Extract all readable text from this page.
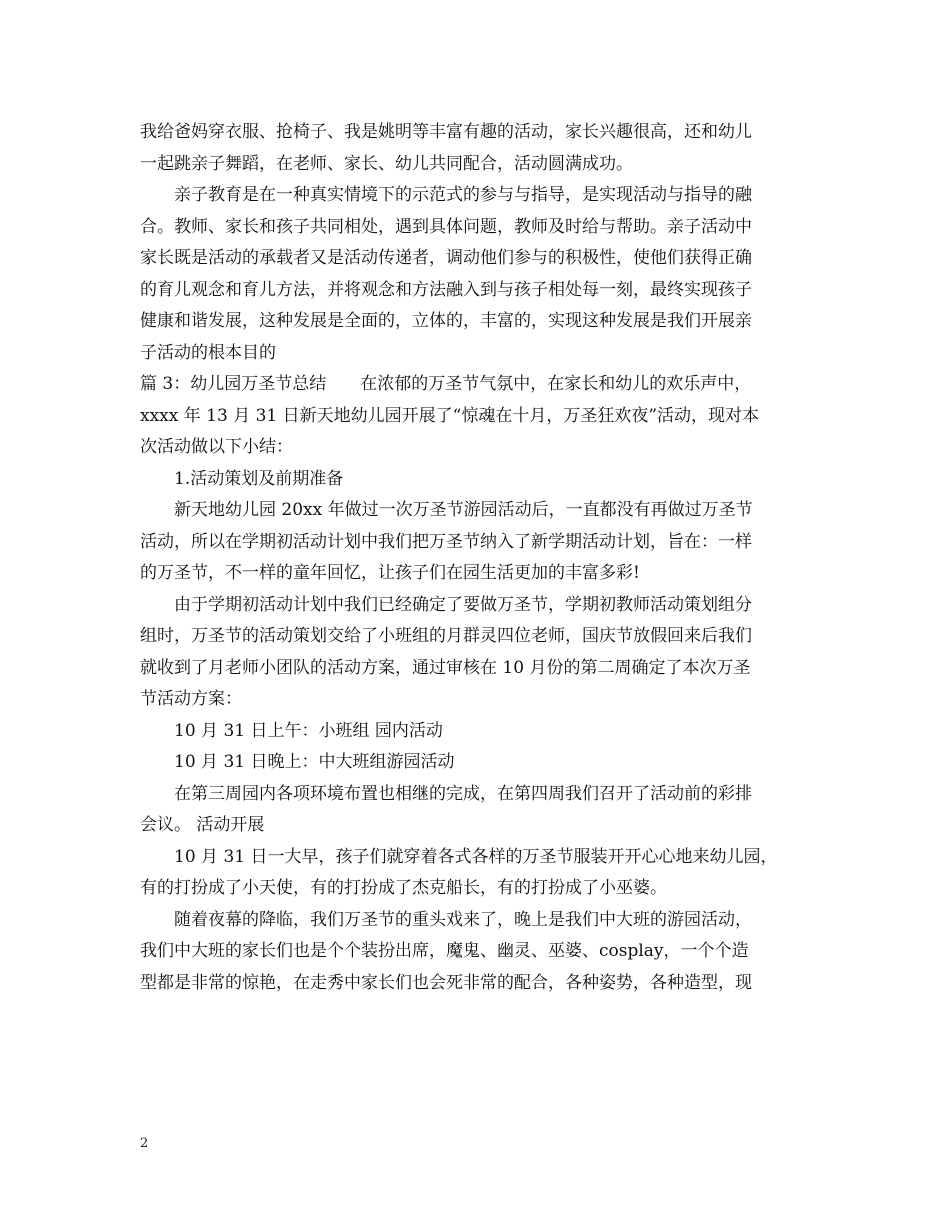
我给爸妈穿衣服、抢椅子、我是姚明等丰富有趣的活动，家长兴趣很高，还和幼儿
一起跳亲子舞蹈，在老师、家长、幼儿共同配合，活动圆满成功。
亲子教育是在一种真实情境下的示范式的参与与指导，是实现活动与指导的融
合。教师、家长和孩子共同相处，遇到具体问题，教师及时给与帮助。亲子活动中
家长既是活动的承载者又是活动传递者，调动他们参与的积极性，使他们获得正确
的育儿观念和育儿方法，并将观念和方法融入到与孩子相处每一刻，最终实现孩子
健康和谐发展，这种发展是全面的，立体的，丰富的，实现这种发展是我们开展亲
子活动的根本目的
篇 3：幼儿园万圣节总结　　在浓郁的万圣节气氛中，在家长和幼儿的欢乐声中，
xxxx 年 13 月 31 日新天地幼儿园开展了“惊魂在十月，万圣狂欢夜”活动，现对本
次活动做以下小结：
1.活动策划及前期准备
新天地幼儿园 20xx 年做过一次万圣节游园活动后，一直都没有再做过万圣节
活动，所以在学期初活动计划中我们把万圣节纳入了新学期活动计划，旨在：一样
的万圣节，不一样的童年回忆，让孩子们在园生活更加的丰富多彩!
由于学期初活动计划中我们已经确定了要做万圣节，学期初教师活动策划组分
组时，万圣节的活动策划交给了小班组的月群灵四位老师，国庆节放假回来后我们
就收到了月老师小团队的活动方案，通过审核在 10 月份的第二周确定了本次万圣
节活动方案：
10 月 31 日上午：小班组 园内活动
10 月 31 日晚上：中大班组游园活动
在第三周园内各项环境布置也相继的完成，在第四周我们召开了活动前的彩排
会议。 活动开展
10 月 31 日一大早，孩子们就穿着各式各样的万圣节服装开开心心地来幼儿园，
有的打扮成了小天使，有的打扮成了杰克船长，有的打扮成了小巫婆。
随着夜幕的降临，我们万圣节的重头戏来了，晚上是我们中大班的游园活动，
我们中大班的家长们也是个个装扮出席，魔鬼、幽灵、巫婆、cosplay，一个个造
型都是非常的惊艳，在走秀中家长们也会死非常的配合，各种姿势，各种造型，现
2
